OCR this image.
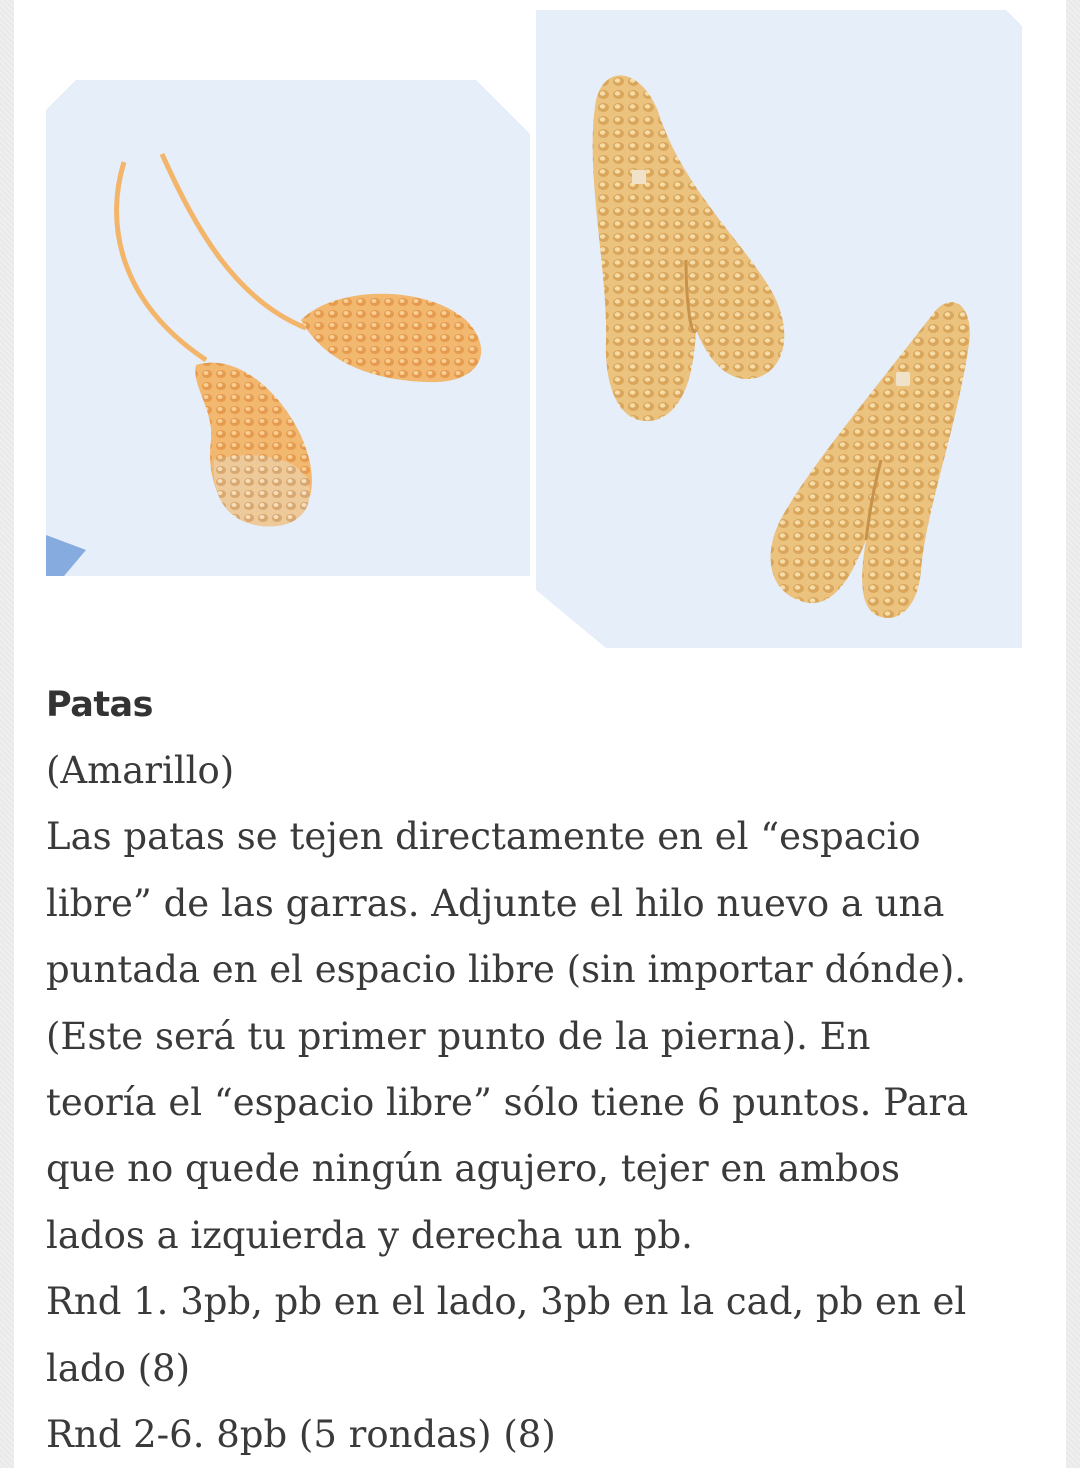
Patas

(Amarillo)

Las patas se tejen directamente en el “espacio libre” de las garras. Adjunte el hilo nuevo a una puntada en el espacio libre (sin importar dónde). (Este será tu primer punto de la pierna). En teoría el “espacio libre” sólo tiene 6 puntos. Para que no quede ningún agujero, tejer en ambos lados a izquierda y derecha un pb.

Rnd 1. 3pb, pb en el lado, 3pb en la cad, pb en el lado (8)

Rnd 2-6. 8pb (5 rondas) (8)
